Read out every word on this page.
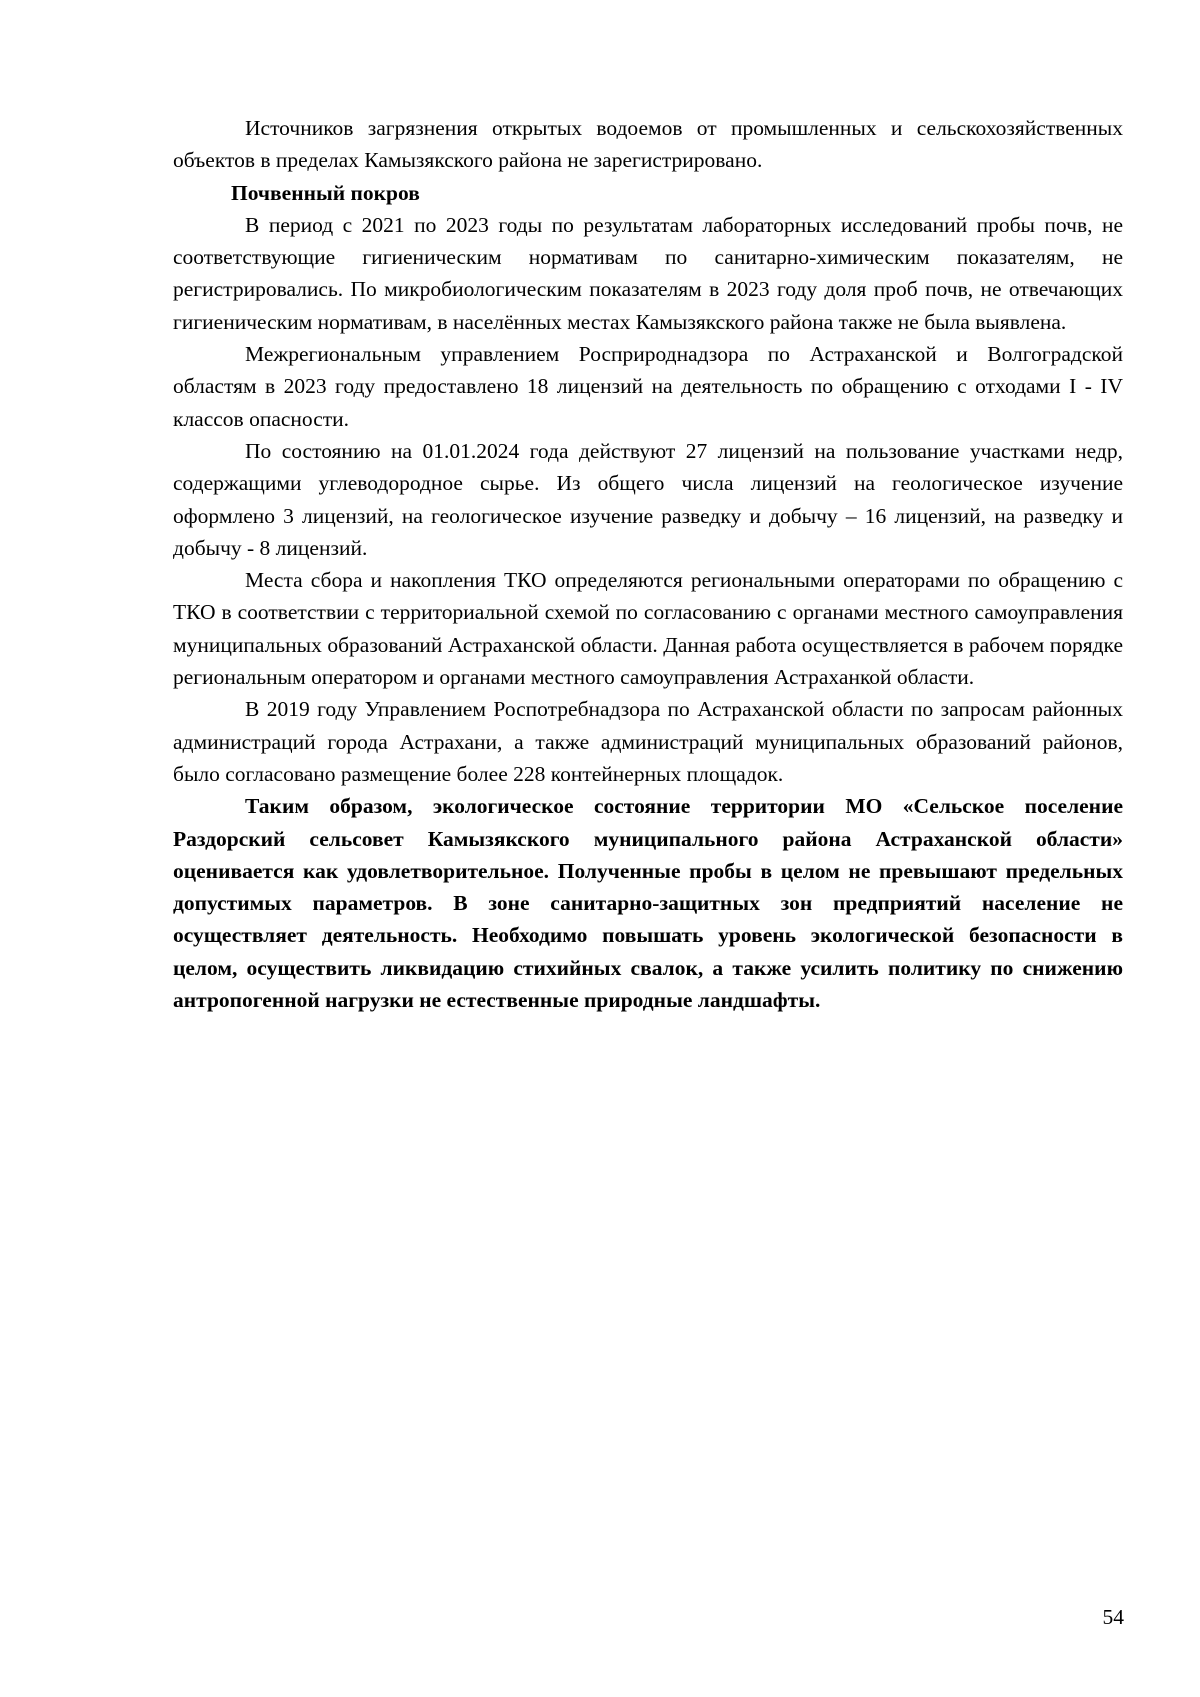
Источников загрязнения открытых водоемов от промышленных и сельскохозяйственных объектов в пределах Камызякского района не зарегистрировано.

Почвенный покров

В период с 2021 по 2023 годы по результатам лабораторных исследований пробы почв, не соответствующие гигиеническим нормативам по санитарно-химическим показателям, не регистрировались. По микробиологическим показателям в 2023 году доля проб почв, не отвечающих гигиеническим нормативам, в населённых местах Камызякского района также не была выявлена.

Межрегиональным управлением Росприроднадзора по Астраханской и Волгоградской областям в 2023 году предоставлено 18 лицензий на деятельность по обращению с отходами I - IV классов опасности.

По состоянию на 01.01.2024 года действуют 27 лицензий на пользование участками недр, содержащими углеводородное сырье. Из общего числа лицензий на геологическое изучение оформлено 3 лицензий, на геологическое изучение разведку и добычу – 16 лицензий, на разведку и добычу - 8 лицензий.

Места сбора и накопления ТКО определяются региональными операторами по обращению с ТКО в соответствии с территориальной схемой по согласованию с органами местного самоуправления муниципальных образований Астраханской области. Данная работа осуществляется в рабочем порядке региональным оператором и органами местного самоуправления Астраханкой области.

В 2019 году Управлением Роспотребнадзора по Астраханской области по запросам районных администраций города Астрахани, а также администраций муниципальных образований районов, было согласовано размещение более 228 контейнерных площадок.

Таким образом, экологическое состояние территории МО «Сельское поселение Раздорский сельсовет Камызякского муниципального района Астраханской области» оценивается как удовлетворительное. Полученные пробы в целом не превышают предельных допустимых параметров. В зоне санитарно-защитных зон предприятий население не осуществляет деятельность. Необходимо повышать уровень экологической безопасности в целом, осуществить ликвидацию стихийных свалок, а также усилить политику по снижению антропогенной нагрузки не естественные природные ландшафты.

54
